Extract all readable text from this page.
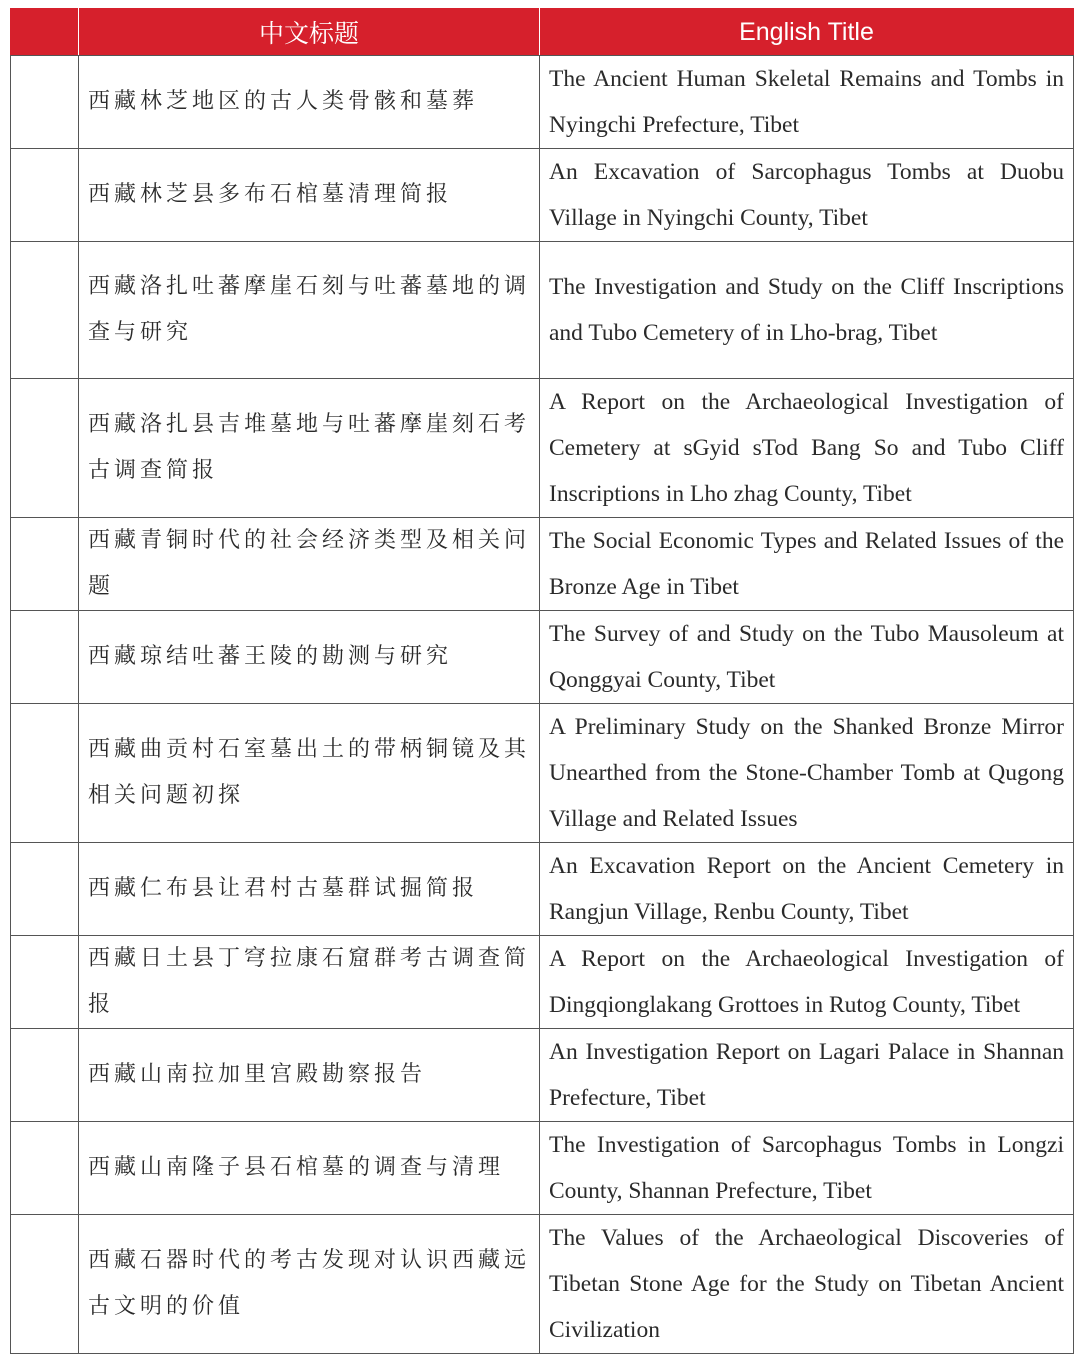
	中文标题	English Title
	西藏林芝地区的古人类骨骸和墓葬	The Ancient Human Skeletal Remains and Tombs in Nyingchi Prefecture, Tibet
	西藏林芝县多布石棺墓清理简报	An Excavation of Sarcophagus Tombs at Duobu Village in Nyingchi County, Tibet
	西藏洛扎吐蕃摩崖石刻与吐蕃墓地的调查与研究	The Investigation and Study on the Cliff Inscriptions and Tubo Cemetery of in Lho-brag, Tibet
	西藏洛扎县吉堆墓地与吐蕃摩崖刻石考古调查简报	A Report on the Archaeological Investigation of Cemetery at sGyid sTod Bang So and Tubo Cliff Inscriptions in Lho zhag County, Tibet
	西藏青铜时代的社会经济类型及相关问题	The Social Economic Types and Related Issues of the Bronze Age in Tibet
	西藏琼结吐蕃王陵的勘测与研究	The Survey of and Study on the Tubo Mausoleum at Qonggyai County, Tibet
	西藏曲贡村石室墓出土的带柄铜镜及其相关问题初探	A Preliminary Study on the Shanked Bronze Mirror Unearthed from the Stone-Chamber Tomb at Qugong Village and Related Issues
	西藏仁布县让君村古墓群试掘简报	An Excavation Report on the Ancient Cemetery in Rangjun Village, Renbu County, Tibet
	西藏日土县丁穹拉康石窟群考古调查简报	A Report on the Archaeological Investigation of Dingqionglakang Grottoes in Rutog County, Tibet
	西藏山南拉加里宫殿勘察报告	An Investigation Report on Lagari Palace in Shannan Prefecture, Tibet
	西藏山南隆子县石棺墓的调查与清理	The Investigation of Sarcophagus Tombs in Longzi County, Shannan Prefecture, Tibet
	西藏石器时代的考古发现对认识西藏远古文明的价值	The Values of the Archaeological Discoveries of Tibetan Stone Age for the Study on Tibetan Ancient Civilization
